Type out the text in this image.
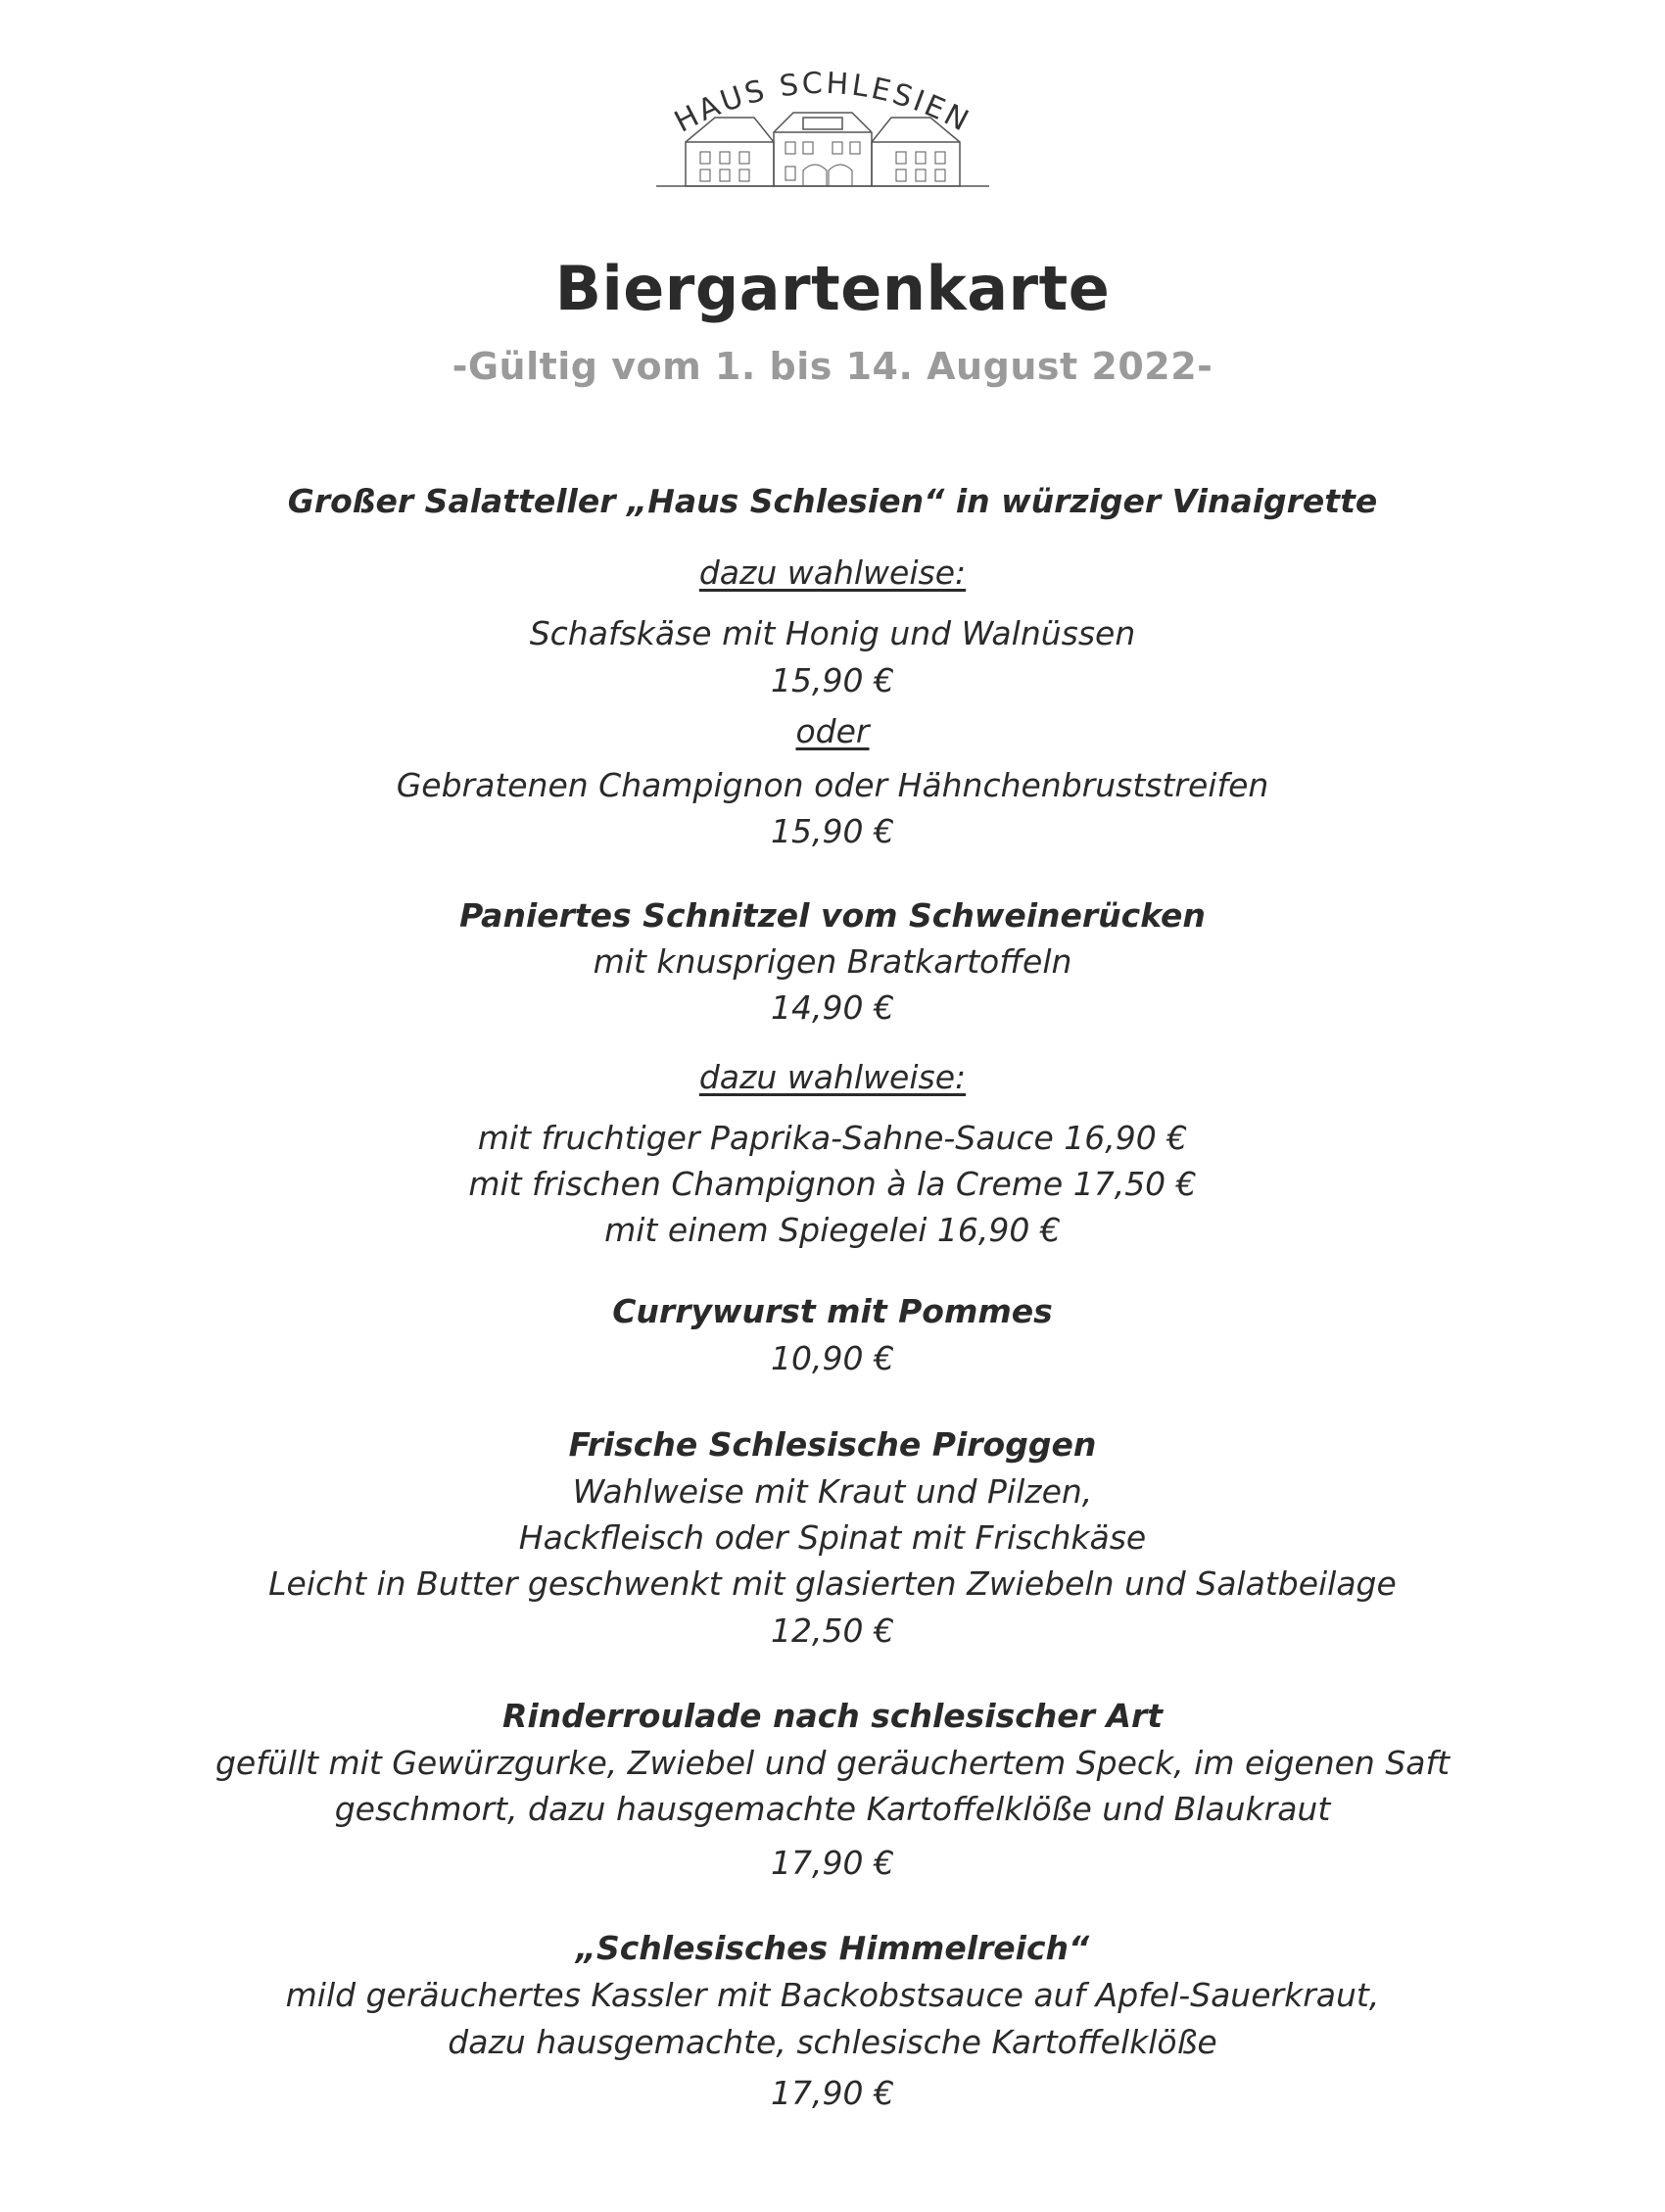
HAUS SCHLESIEN
Biergartenkarte
-Gültig vom 1. bis 14. August 2022-
Großer Salatteller „Haus Schlesien“ in würziger Vinaigrette
dazu wahlweise:
Schafskäse mit Honig und Walnüssen
15,90 €
oder
Gebratenen Champignon oder Hähnchenbruststreifen
15,90 €
Paniertes Schnitzel vom Schweinerücken
mit knusprigen Bratkartoffeln
14,90 €
dazu wahlweise:
mit fruchtiger Paprika-Sahne-Sauce 16,90 €
mit frischen Champignon à la Creme 17,50 €
mit einem Spiegelei 16,90 €
Currywurst mit Pommes
10,90 €
Frische Schlesische Piroggen
Wahlweise mit Kraut und Pilzen,
Hackfleisch oder Spinat mit Frischkäse
Leicht in Butter geschwenkt mit glasierten Zwiebeln und Salatbeilage
12,50 €
Rinderroulade nach schlesischer Art
gefüllt mit Gewürzgurke, Zwiebel und geräuchertem Speck, im eigenen Saft
geschmort, dazu hausgemachte Kartoffelklöße und Blaukraut
17,90 €
„Schlesisches Himmelreich“
mild geräuchertes Kassler mit Backobstsauce auf Apfel-Sauerkraut,
dazu hausgemachte, schlesische Kartoffelklöße
17,90 €
